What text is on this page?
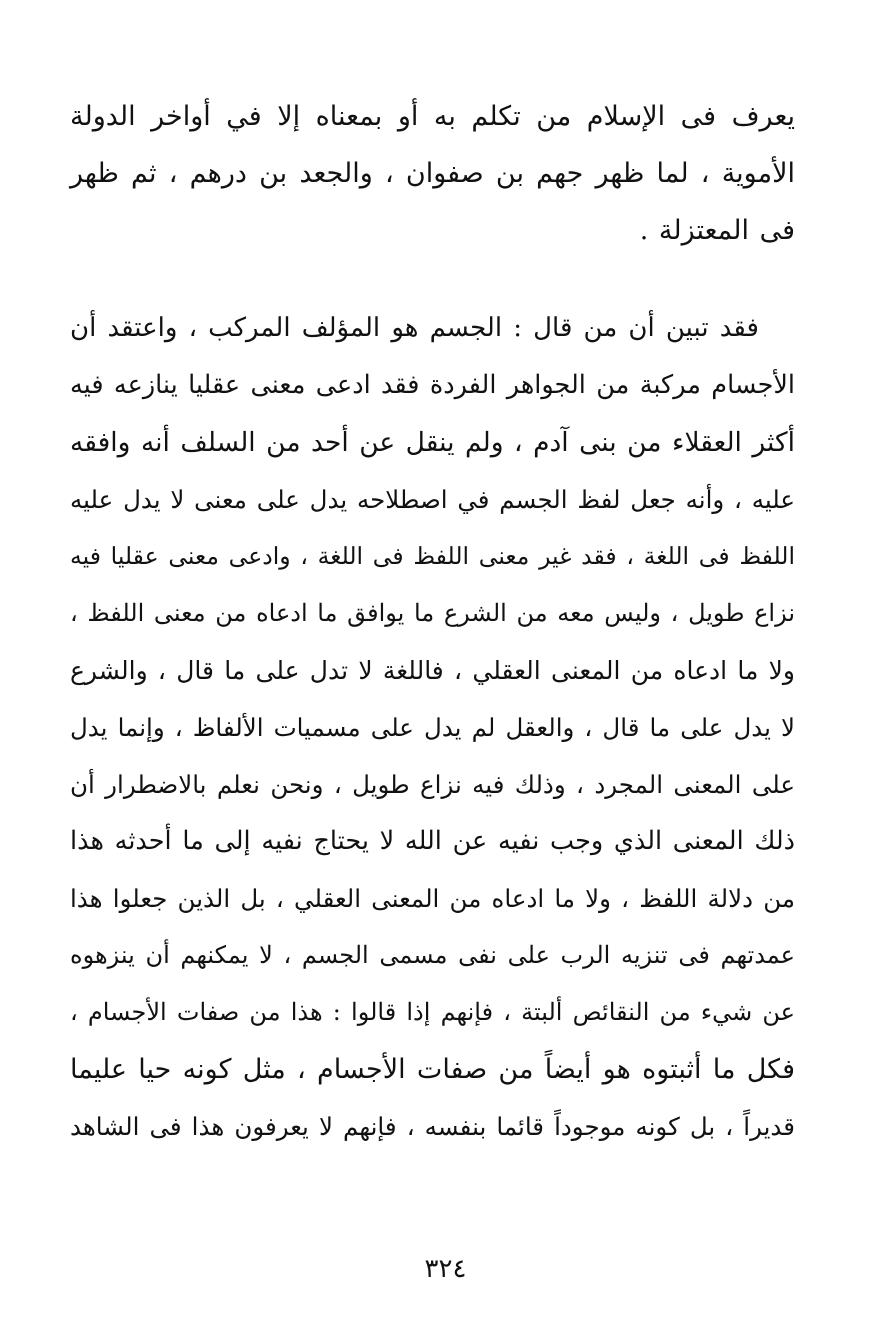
يعرف فى الإسلام من تكلم به أو بمعناه إلا في أواخر الدولة
الأموية ، لما ظهر جهم بن صفوان ، والجعد بن درهم ، ثم ظهر
فى المعتزلة .
فقد تبين أن من قال : الجسم هو المؤلف المركب ، واعتقد أن
الأجسام مركبة من الجواهر الفردة فقد ادعى معنى عقليا ينازعه فيه
أكثر العقلاء من بنى آدم ، ولم ينقل عن أحد من السلف أنه وافقه
عليه ، وأنه جعل لفظ الجسم في اصطلاحه يدل على معنى لا يدل عليه
اللفظ فى اللغة ، فقد غير معنى اللفظ فى اللغة ، وادعى معنى عقليا فيه
نزاع طويل ، وليس معه من الشرع ما يوافق ما ادعاه من معنى اللفظ ،
ولا ما ادعاه من المعنى العقلي ، فاللغة لا تدل على ما قال ، والشرع
لا يدل على ما قال ، والعقل لم يدل على مسميات الألفاظ ، وإنما يدل
على المعنى المجرد ، وذلك فيه نزاع طويل ، ونحن نعلم بالاضطرار أن
ذلك المعنى الذي وجب نفيه عن الله لا يحتاج نفيه إلى ما أحدثه هذا
من دلالة اللفظ ، ولا ما ادعاه من المعنى العقلي ، بل الذين جعلوا هذا
عمدتهم فى تنزيه الرب على نفى مسمى الجسم ، لا يمكنهم أن ينزهوه
عن شيء من النقائص ألبتة ، فإنهم إذا قالوا : هذا من صفات الأجسام ،
فكل ما أثبتوه هو أيضاً من صفات الأجسام ، مثل كونه حيا عليما
قديراً ، بل كونه موجوداً قائما بنفسه ، فإنهم لا يعرفون هذا فى الشاهد
٣٢٤
